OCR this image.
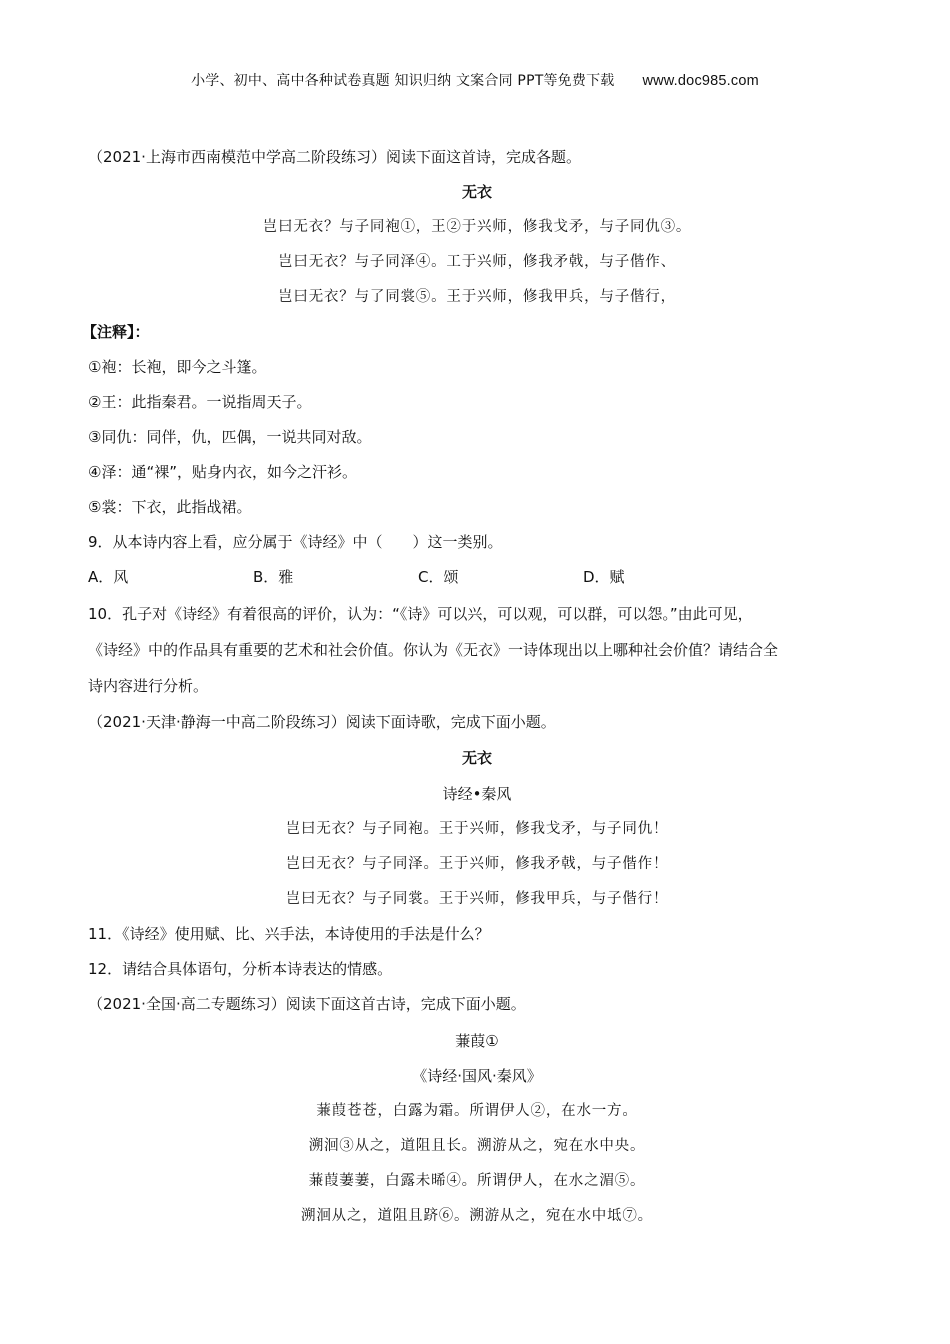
小学、初中、高中各种试卷真题 知识归纳 文案合同 PPT等免费下载 www.doc985.com
（2021·上海市西南模范中学高二阶段练习）阅读下面这首诗，完成各题。
无衣
岂曰无衣？与子同袍①，王②于兴师，修我戈矛，与子同仇③。
岂曰无衣？与子同泽④。工于兴师，修我矛戟，与子偕作、
岂曰无衣？与了同裳⑤。王于兴师，修我甲兵，与子偕行，
【注释】：
①袍：长袍，即今之斗篷。
②王：此指秦君。一说指周天子。
③同仇：同伴，仇，匹偶，一说共同对敌。
④泽：通“裸”，贴身内衣，如今之汗衫。
⑤裳：下衣，此指战裙。
9．从本诗内容上看，应分属于《诗经》中（　　）这一类别。
A．风	B．雅	C．颂	D．赋
10．孔子对《诗经》有着很高的评价，认为：“《诗》可以兴，可以观，可以群，可以怨。”由此可见，
《诗经》中的作品具有重要的艺术和社会价值。你认为《无衣》一诗体现出以上哪种社会价值？请结合全
诗内容进行分析。
（2021·天津·静海一中高二阶段练习）阅读下面诗歌，完成下面小题。
无衣
诗经•秦风
岂曰无衣？与子同袍。王于兴师，修我戈矛，与子同仇！
岂曰无衣？与子同泽。王于兴师，修我矛戟，与子偕作！
岂曰无衣？与子同裳。王于兴师，修我甲兵，与子偕行！
11．《诗经》使用赋、比、兴手法，本诗使用的手法是什么？
12．请结合具体语句，分析本诗表达的情感。
（2021·全国·高二专题练习）阅读下面这首古诗，完成下面小题。
蒹葭①
《诗经·国风·秦风》
蒹葭苍苍，白露为霜。所谓伊人②，在水一方。
溯洄③从之，道阻且长。溯游从之，宛在水中央。
蒹葭萋萋，白露未晞④。所谓伊人，在水之湄⑤。
溯洄从之，道阻且跻⑥。溯游从之，宛在水中坻⑦。
